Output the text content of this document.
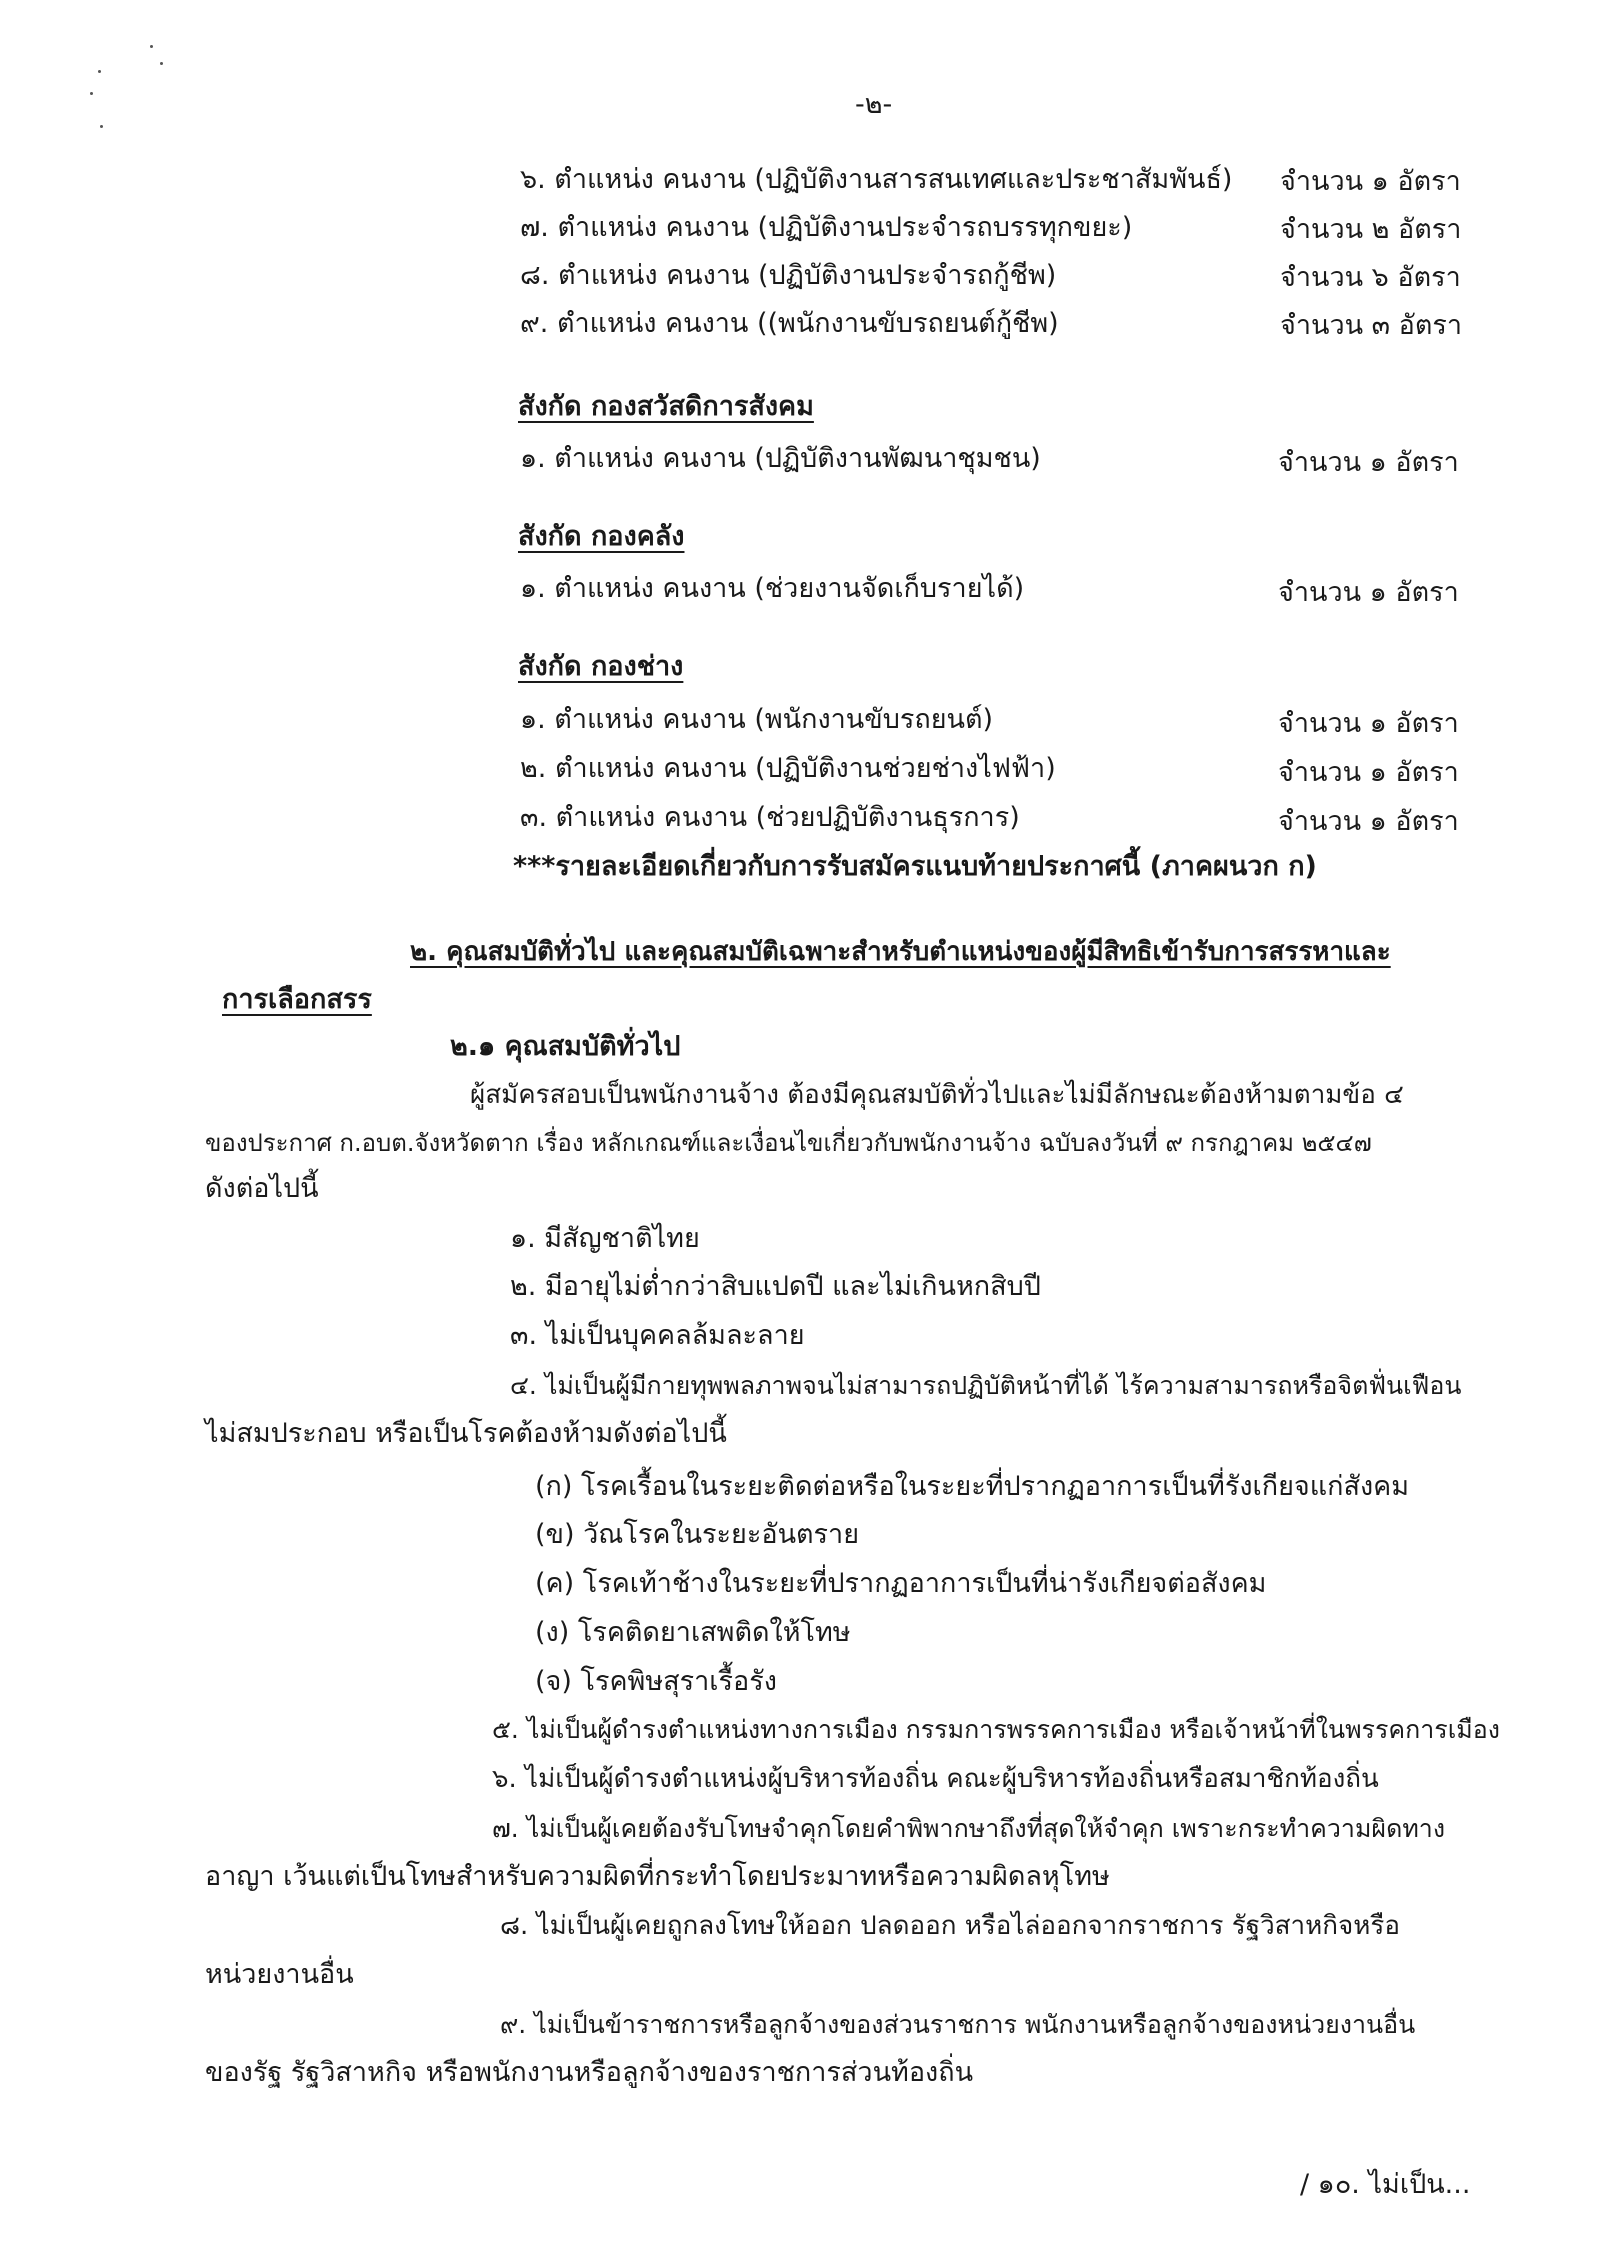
-๒-
๖. ตำแหน่ง คนงาน (ปฏิบัติงานสารสนเทศและประชาสัมพันธ์) จำนวน ๑ อัตรา
๗. ตำแหน่ง คนงาน (ปฏิบัติงานประจำรถบรรทุกขยะ)	จำนวน ๒ อัตรา
๘. ตำแหน่ง คนงาน (ปฏิบัติงานประจำรถกู้ชีพ)	จำนวน ๖ อัตรา
๙. ตำแหน่ง คนงาน ((พนักงานขับรถยนต์กู้ชีพ)	จำนวน ๓ อัตรา
สังกัด กองสวัสดิการสังคม
๑. ตำแหน่ง คนงาน (ปฏิบัติงานพัฒนาชุมชน)	จำนวน ๑ อัตรา
สังกัด กองคลัง
๑. ตำแหน่ง คนงาน (ช่วยงานจัดเก็บรายได้)	จำนวน ๑ อัตรา
สังกัด กองช่าง
๑. ตำแหน่ง คนงาน (พนักงานขับรถยนต์)	จำนวน ๑ อัตรา
๒. ตำแหน่ง คนงาน (ปฏิบัติงานช่วยช่างไฟฟ้า)	จำนวน ๑ อัตรา
๓. ตำแหน่ง คนงาน (ช่วยปฏิบัติงานธุรการ)	จำนวน ๑ อัตรา
***รายละเอียดเกี่ยวกับการรับสมัครแนบท้ายประกาศนี้ (ภาคผนวก ก)
๒. คุณสมบัติทั่วไป และคุณสมบัติเฉพาะสำหรับตำแหน่งของผู้มีสิทธิเข้ารับการสรรหาและ
การเลือกสรร
๒.๑ คุณสมบัติทั่วไป
ผู้สมัครสอบเป็นพนักงานจ้าง ต้องมีคุณสมบัติทั่วไปและไม่มีลักษณะต้องห้ามตามข้อ ๔
ของประกาศ ก.อบต.จังหวัดตาก เรื่อง หลักเกณฑ์และเงื่อนไขเกี่ยวกับพนักงานจ้าง ฉบับลงวันที่ ๙ กรกฎาคม ๒๕๔๗
ดังต่อไปนี้
๑. มีสัญชาติไทย
๒. มีอายุไม่ต่ำกว่าสิบแปดปี และไม่เกินหกสิบปี
๓. ไม่เป็นบุคคลล้มละลาย
๔. ไม่เป็นผู้มีกายทุพพลภาพจนไม่สามารถปฏิบัติหน้าที่ได้ ไร้ความสามารถหรือจิตฟั่นเฟือน
ไม่สมประกอบ หรือเป็นโรคต้องห้ามดังต่อไปนี้
(ก) โรคเรื้อนในระยะติดต่อหรือในระยะที่ปรากฏอาการเป็นที่รังเกียจแก่สังคม
(ข) วัณโรคในระยะอันตราย
(ค) โรคเท้าช้างในระยะที่ปรากฏอาการเป็นที่น่ารังเกียจต่อสังคม
(ง) โรคติดยาเสพติดให้โทษ
(จ) โรคพิษสุราเรื้อรัง
๕. ไม่เป็นผู้ดำรงตำแหน่งทางการเมือง กรรมการพรรคการเมือง หรือเจ้าหน้าที่ในพรรคการเมือง
๖. ไม่เป็นผู้ดำรงตำแหน่งผู้บริหารท้องถิ่น คณะผู้บริหารท้องถิ่นหรือสมาชิกท้องถิ่น
๗. ไม่เป็นผู้เคยต้องรับโทษจำคุกโดยคำพิพากษาถึงที่สุดให้จำคุก เพราะกระทำความผิดทาง
อาญา เว้นแต่เป็นโทษสำหรับความผิดที่กระทำโดยประมาทหรือความผิดลหุโทษ
๘. ไม่เป็นผู้เคยถูกลงโทษให้ออก ปลดออก หรือไล่ออกจากราชการ รัฐวิสาหกิจหรือ
หน่วยงานอื่น
๙. ไม่เป็นข้าราชการหรือลูกจ้างของส่วนราชการ พนักงานหรือลูกจ้างของหน่วยงานอื่น
ของรัฐ รัฐวิสาหกิจ หรือพนักงานหรือลูกจ้างของราชการส่วนท้องถิ่น
/ ๑๐. ไม่เป็น...
